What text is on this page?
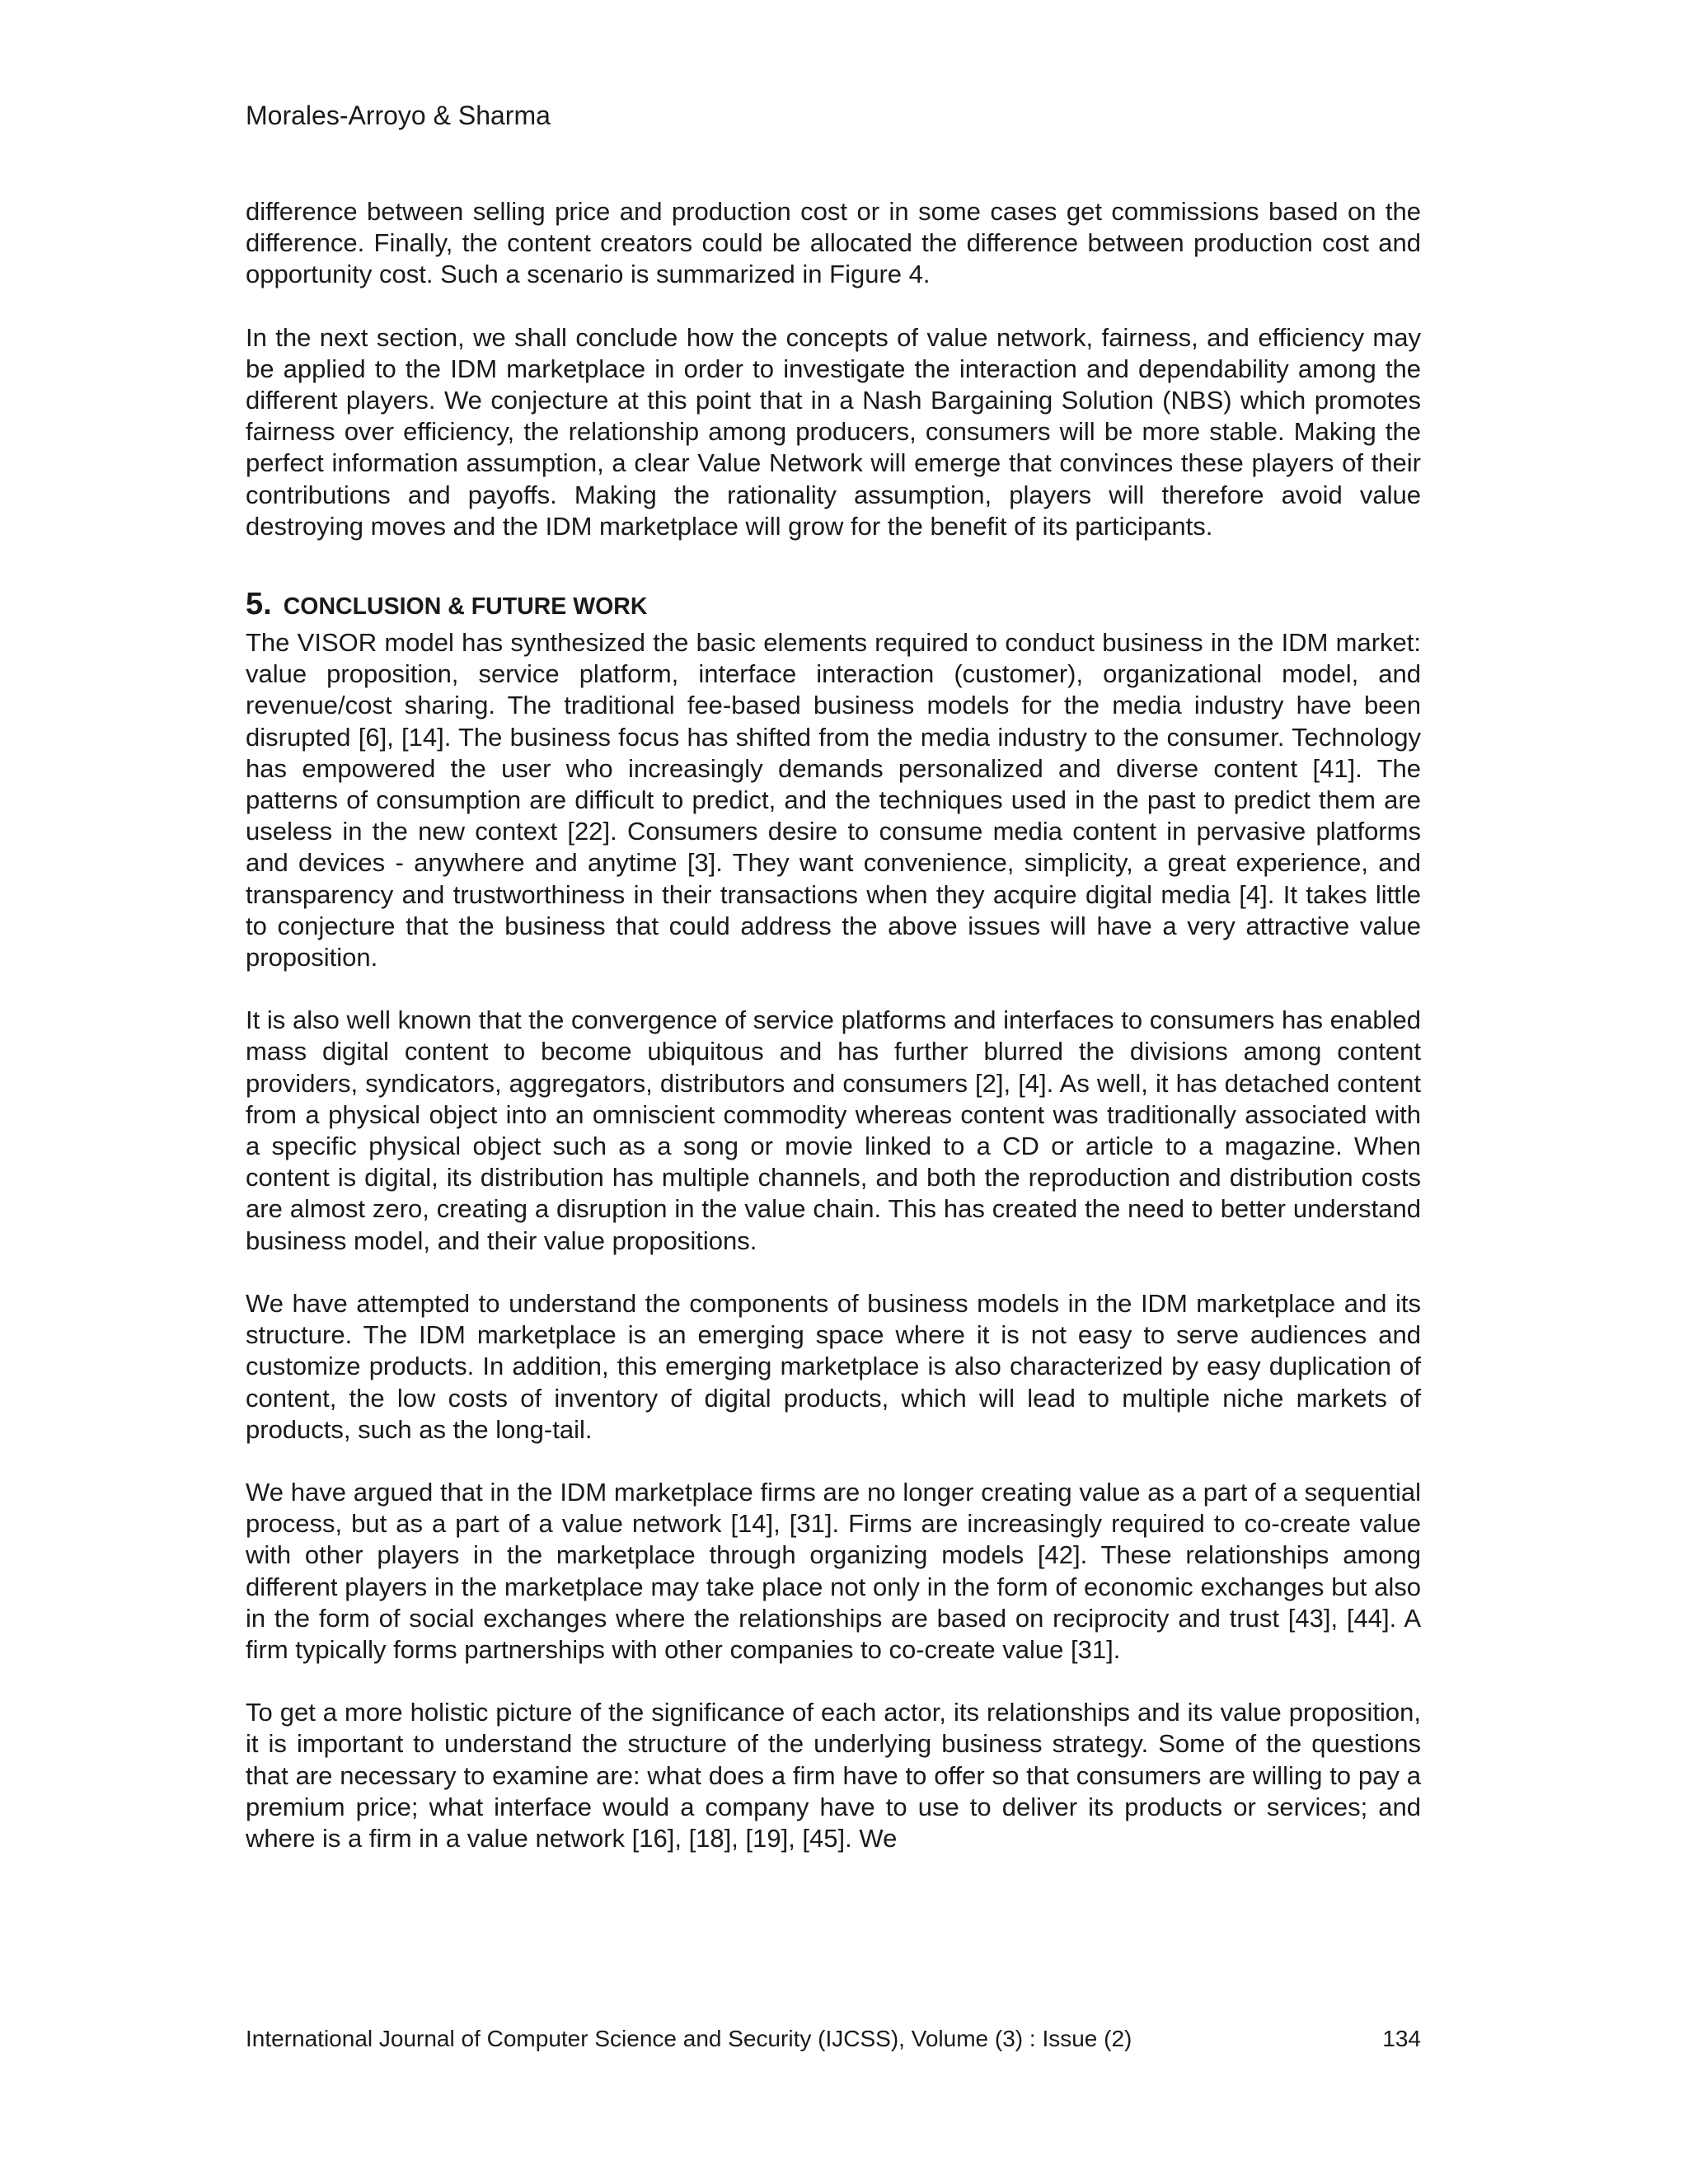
Morales-Arroyo & Sharma

difference between selling price and production cost or in some cases get commissions based on the difference. Finally, the content creators could be allocated the difference between production cost and opportunity cost. Such a scenario is summarized in Figure 4.

In the next section, we shall conclude how the concepts of value network, fairness, and efficiency may be applied to the IDM marketplace in order to investigate the interaction and dependability among the different players. We conjecture at this point that in a Nash Bargaining Solution (NBS) which promotes fairness over efficiency, the relationship among producers, consumers will be more stable. Making the perfect information assumption, a clear Value Network will emerge that convinces these players of their contributions and payoffs. Making the rationality assumption, players will therefore avoid value destroying moves and the IDM marketplace will grow for the benefit of its participants.

5. CONCLUSION & FUTURE WORK

The VISOR model has synthesized the basic elements required to conduct business in the IDM market: value proposition, service platform, interface interaction (customer), organizational model, and revenue/cost sharing. The traditional fee-based business models for the media industry have been disrupted [6], [14]. The business focus has shifted from the media industry to the consumer. Technology has empowered the user who increasingly demands personalized and diverse content [41]. The patterns of consumption are difficult to predict, and the techniques used in the past to predict them are useless in the new context [22]. Consumers desire to consume media content in pervasive platforms and devices - anywhere and anytime [3]. They want convenience, simplicity, a great experience, and transparency and trustworthiness in their transactions when they acquire digital media [4]. It takes little to conjecture that the business that could address the above issues will have a very attractive value proposition.

It is also well known that the convergence of service platforms and interfaces to consumers has enabled mass digital content to become ubiquitous and has further blurred the divisions among content providers, syndicators, aggregators, distributors and consumers [2], [4]. As well, it has detached content from a physical object into an omniscient commodity whereas content was traditionally associated with a specific physical object such as a song or movie linked to a CD or article to a magazine. When content is digital, its distribution has multiple channels, and both the reproduction and distribution costs are almost zero, creating a disruption in the value chain. This has created the need to better understand business model, and their value propositions.

We have attempted to understand the components of business models in the IDM marketplace and its structure. The IDM marketplace is an emerging space where it is not easy to serve audiences and customize products. In addition, this emerging marketplace is also characterized by easy duplication of content, the low costs of inventory of digital products, which will lead to multiple niche markets of products, such as the long-tail.

We have argued that in the IDM marketplace firms are no longer creating value as a part of a sequential process, but as a part of a value network [14], [31]. Firms are increasingly required to co-create value with other players in the marketplace through organizing models [42]. These relationships among different players in the marketplace may take place not only in the form of economic exchanges but also in the form of social exchanges where the relationships are based on reciprocity and trust [43], [44]. A firm typically forms partnerships with other companies to co-create value [31].

To get a more holistic picture of the significance of each actor, its relationships and its value proposition, it is important to understand the structure of the underlying business strategy. Some of the questions that are necessary to examine are: what does a firm have to offer so that consumers are willing to pay a premium price; what interface would a company have to use to deliver its products or services; and where is a firm in a value network [16], [18], [19], [45]. We

International Journal of Computer Science and Security (IJCSS), Volume (3) : Issue (2)	134
